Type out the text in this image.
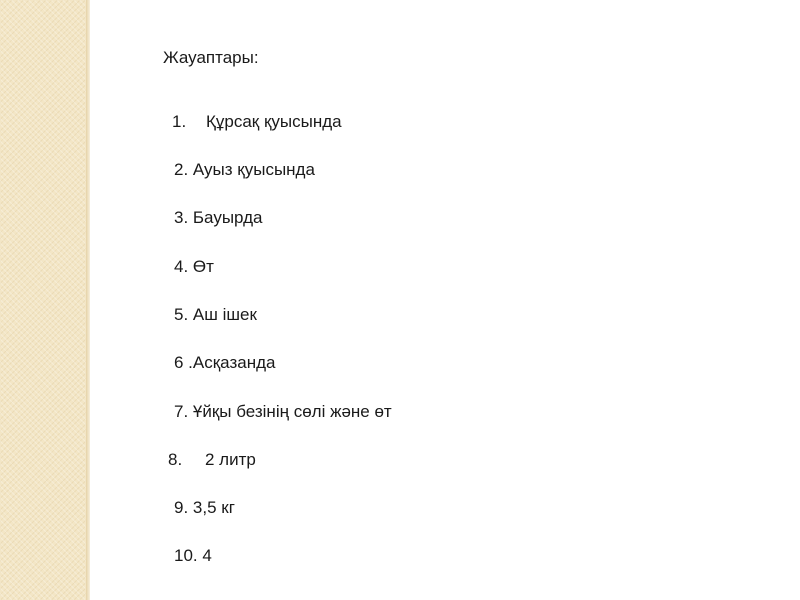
Жауаптары:
1. Құрсақ қуысында
2. Ауыз қуысында
3. Бауырда
4. Өт
5. Аш ішек
6 .Асқазанда
7. Ұйқы безінің сөлі және өт
8. 2 литр
9. 3,5 кг
10. 4
